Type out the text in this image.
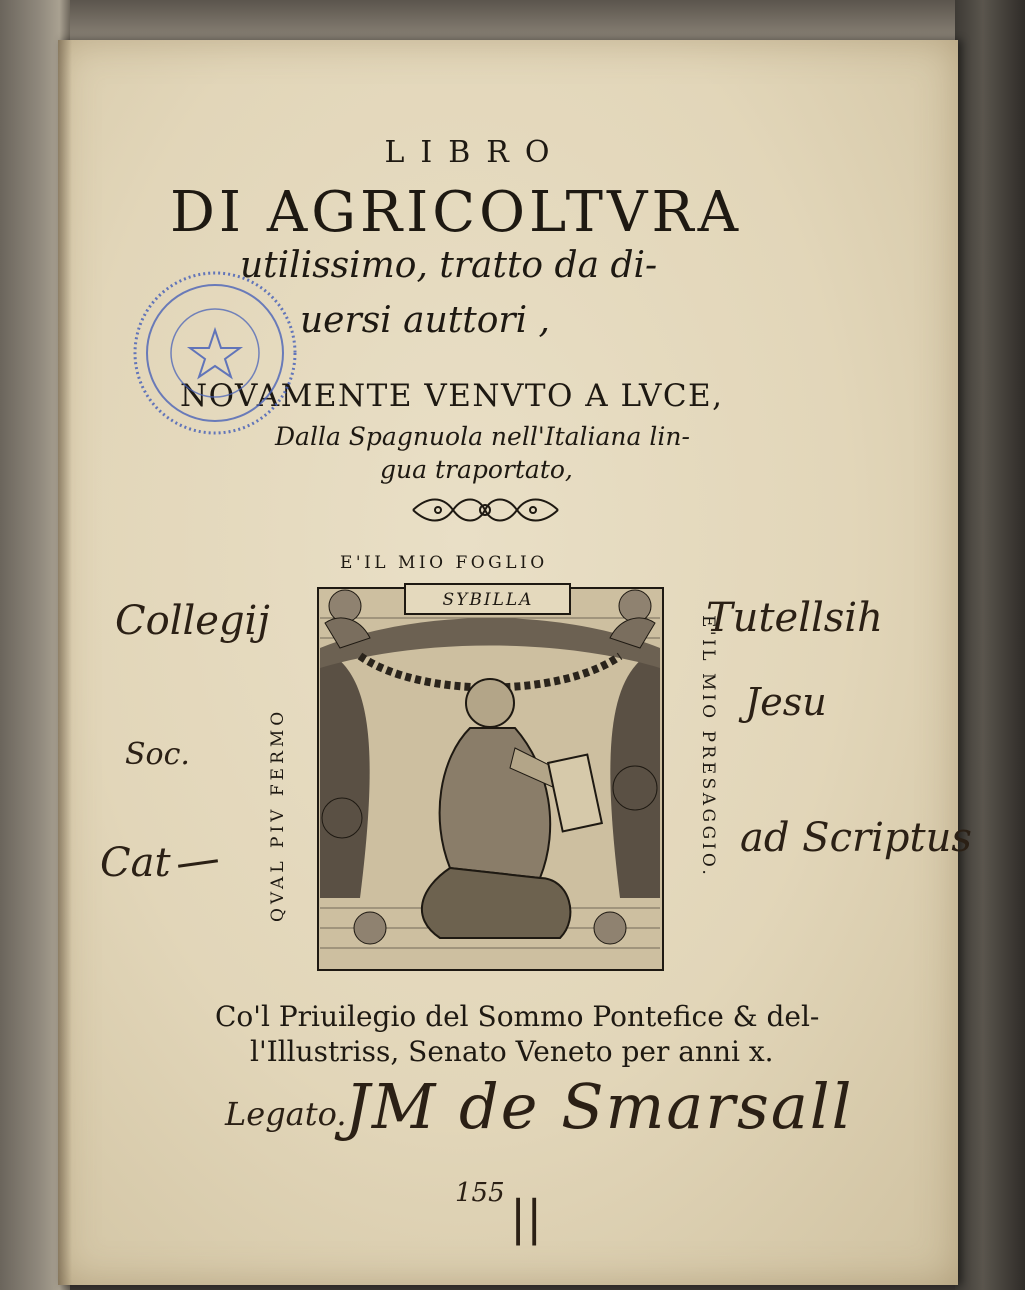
LIBRO
DI AGRICOLTVRA
utilissimo, tratto da di-
uersi auttori ,
NOVAMENTE VENVTO A LVCE,
Dalla Spagnuola nell'Italiana lin-
gua traportato,
E'IL MIO FOGLIO
QVAL PIV FERMO	E'IL MIO PRESAGGIO.
SYBILLA
Co'l Priuilegio del Sommo Pontefice & del-
l'Illustriss, Senato Veneto per anni x.
Collegij	Tutellsih
Jesu
Soc.
ad Scriptus
Cat
Legato.
JM de Smarsall
155 ||
